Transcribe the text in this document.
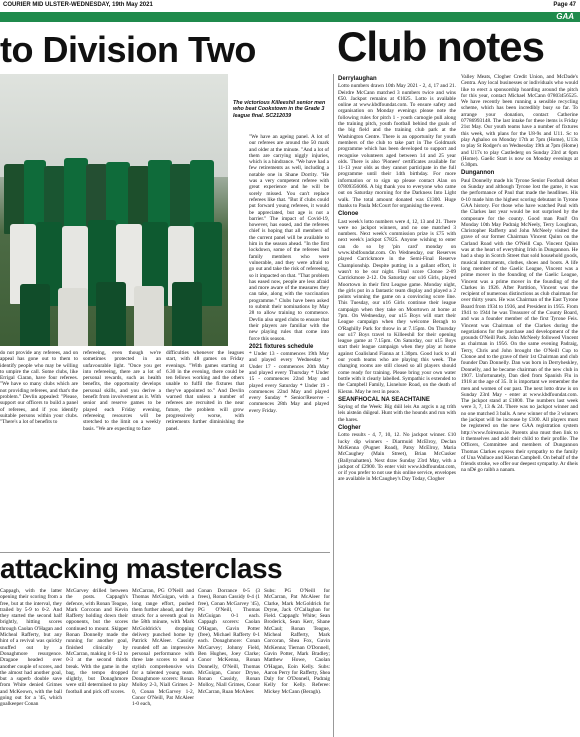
COURIER MID ULSTER-WEDNESDAY, 19th May 2021	Page 47
GAA
to Division Two	Club notes
The victorious Killeeshil senior men who beat Cookstown in the Grade 3 league final. SC212039

do not provide any referees, and on appeal has gone out to them to identify people who may be willing to umpire the call. Some clubs, like Errigal Ciaran, have four referees. "We have so many clubs which are not providing referees, and that's the problem." Devlin appealed: "Please, support our officers to build a panel of referees, and if you identify suitable persons within your clubs. "There's a lot of benefits to

refereeing, even though we're sometimes protected in an unfavourable light. "Once you get into refereeing, there are a lot of personal rewards, such as health benefits, the opportunity develops personal skills, and you derive a benefit from involvement as it. With senior and reserve games to be played each Friday evening, refereeing resources will be stretched to the limit on a weekly basis. "We are expecting to face

difficulties whenever the leagues start, with 48 games on Friday evenings. "With games starting at 6.30 in the evening, there could be ten fellows working and the others unable to fulfil the fixtures that they've appointed to." And Devlin warned that unless a number of referees are recruited in the near future, the problem will grow progressively worse, with retirements further diminishing the panel.

"We have an ageing panel. A lot of our referees are around the 50 mark and older at the minute. "And a lot of them are carrying niggly injuries, which is a hindrance. "We have had a few retirements as well, including a notable one in Shane Dorrity. "He was a very competent referee with great experience and he will be sorely missed. You can't replace referees like that. "But if clubs could put forward young referees, it would be appreciated, but age is not a barrier." The impact of Covid-19, however, has eased, and the referees chief is hoping that all members of the current panel will be available to him in the season ahead. "In the first lockdown, some of the referees had family members who were vulnerable, and they were afraid to go out and take the risk of refereeing, so it impacted on that. "That problem has eased now, people are less afraid and more aware of the measures they can take, along with the vaccination programme." Clubs have been asked to submit their nominations by May 28 to allow training to commence. Devlin also urged clubs to ensure that their players are familiar with the new playing rules that come into force this season.

2021 fixtures schedule

* Under 13 - commences 19th May and played every Wednesday * Under 17 - commences 20th May and played every Thursday * Under 15 - commences 22nd May and played every Saturday * Under 19 - commences 22nd May and played every Sunday * Senior/Reserve - commences 28th May and played every Friday.

attacking masterclass

Cappagh, with the latter opening their scoring from a free, but at the interval, they trailed by 5-9 to 0-2. And they started the second half brightly, hitting scores through Caolan O'Hagan and Micheal Rafferty, but any hint of a revival was quickly snuffed out by a Donaghmore resurgence. Dragaoe headed over another couple of scores, and the almost had another goal, but a superb double save from White denied Grimes and McKeown, with the ball going out for a '45, which goalkeeper Conan

McGarvey drilled between the posts. Cappagh's defence, with Ronan Teague, Mark Corcoran and Kevin Rafferty holding down their opponents, but the scores continued to mount. Skipper Ronan Donnelly made the running for another goal, finished clinically by McCarran, making it 6-12 to 0-3 at the second thirds break. With the game in the bag, the tempo dropped slightly, but Donaghmore were still determined to play football and pick off scores.

McCarran, PG O'Neill and Thomas McGuigan, with a long range effort, pushed them further ahead, and they struck for a seventh goal in the 58th minute, with Mark McGoldrick's dropping delivery punched home by Patrick McAleer. Cassidy rounded off an impressive personal performance with three late scores to seal a stylish comprehensive win for a talented young team. Donaghmore scorers: Ronan Molloy 2-3, Niall Grimes 2-0, Conan McGarvey 1-2, Conor O'Neill, Pat McAleer 1-0 each,

Conan Dorrance 0-5 (3 frees), Ronan Cassidy 0-4 (1 free), Conan McGarvey '45), PG O'Neill, Thomas McGuigan 0-1 each. Cappagh scorers: Caolan O'Hagan, Gavin Potter (free), Michael Rafferty 0-1 each. Donaghmore: Conan McGarvey; Johnny Field, Ben Hughes, Joey Clarke; Conor McKenna, Ronan Donnelly, O'Neill, Thomas McGuigan, Conor Dryne, Ronan Cassidy, Ronan Molloy, Niall Grimes, Conor McCarran, Ruan McAleer.

Subs: PG O'Neill for McCarran, Pat McAleer for Clarke, Mark McGoldrick for Dryne, Jack O'Callaghan for Field. Cappagh: White; Sean Broderick, Sean Kerr, Shane McCaul; Ronan Teague, Micheal Rafferty, Mark Corcoran, Shea Fox, Gavin McKenna; Tiernan O'Donnell, Gavin Potter, Mark Bradley; Matthew Howe, Caolan O'Hagan, Eoin Kelly. Subs: Aaron Perry for Rafferty, Shea Daly for O'Donnell, Padraig Kelly for Kelly. Referee: Mickey McCann (Beragh).

Derrylaughan

Lotto numbers drawn 10th May 2021 - 2, 4, 17 and 21. Deirdre McCann matched 3 numbers twice and wins €50. Jackpot remains at €1025. Lotto is available online at www.kbdfoundat.com. To ensure safety and organisation on Monday evenings please note the following rules for pitch 1 - youth carnogie pull along the training pitch, youth football behind the goals of the big field and the training club park at the Washington Centre. There is an opportunity for youth members of the club to take part in The Goldmark programme which has been developed to support and recognise volunteers aged between 14 and 25 year olds. There is also 'Pioneer' certificates available for 11-13 year olds as they cannot participate in the full programme until their 14th birthday. For more information or to sign up please contact Alan on 07809356066. A big thank you to everyone who came out on Saturday morning for the Darkness Into Light walk. The total amount donated was £1300. Huge thanks to Paula McCourt for organising the event.

Clonoe

Last week's lotto numbers were 4, 12, 13 and 21. There were no jackpot winners, and no one matched 3 numbers. Next week's commission prize is £75 with next week's jackpot £7825. Anyone wishing to enter can do so by 'pin card' monday on www.kbdfoundat.com. On Wednesday, our Reserves played Carrickmore in the Semi-Final Reserve Championship. Despite putting in a gallant effort, it wasn't to be our night. Final score Clonoe 2-09 Carrickmore 2-12. On Saturday our u16 Girls, played Moortown in their first League game. Monday night, the girls put in a fantastic team display and played a 2 points winning the game on a convincing score line. This Tuesday, our u16 Girls continue their league campaign when they take on Moortown at home at 7pm. On Wednesday, our u15 Boys will start their League campaign when they welcome Beragh to O'Raghilly Park for throw in at 7.15pm. On Thursday our u17 Boys travel to Killeeshil for their opening league game at 7.15pm. On Saturday, our u15 Boys start their league campaign when they play at home against Coalisland Fianna at 1.30pm. Good luck to all our youth teams who are playing this week. The changing rooms are still closed so all players should come ready for training. Please bring your own water bottle with it clearly labelled. Sympathic is extended to the Campbell Family, Lisnelure Road, on the death of Kieran. May he rest in peace.

SEANFHOCAL NA SEACHTAINE

Saying of the Week: Bíg dúil leis An argcis n ag tríth leis aisteán dúigeal. Hunt with the hounds and run with the hares.

Clogher

Lotto results - 4, 7, 10, 12. No jackpot winner. £10 lucky dip winners - Diarmuid McElroy, Declan McKenna (Pugnet Road), Patsy McElroy, Maria McCaughey (Main Street), Brian McCusker (Ballynahatten). Next draw Sunday 23rd May, with a jackpot of £2900. To enter visit www.kbdfoundat.com, or if you prefer to not use this online service, envelopes are available in McCaughey's Day Today, Clogher

Valley Meats, Clogher Credit Union, and McDade's Centra. Any local businesses or individuals who would like to erect a sponsorship hoarding around the pitch for this year, contact Michael McCann 07803456525. We have recently been running a sensible recycling scheme, which has been incredibly busy so far. To arrange your donation, contact Catherine 07786993148. The last intake for these items is Friday 21st May. Our youth teams have a number of fixtures this week, with plans for the U8-9s and U11. Sc to play Aghaloo on Monday 17th at 7pm (Home), U13s to play St Rodger's on Wednesday 19th at 7pm (Home) and U17s to play Castlederg on Sunday 23rd at 6pm (Home). Gaelic Start is now on Monday evenings at 6.30pm.

Dungannon

Paul Donnelly made his Tyrone Senior Football debut on Sunday and although Tyrone lost the game, it was the performance of Paul that made the headlines. His 0-10 made him the highest scoring debutant in Tyrone GAA history. For those who have watched Paul with the Clarkes last year would be not surprised by the composure for the county. Good man Paul! On Monday 10th May Padraig McNeely, Terry Loughran, Christopher Rafferty and John McNeely visited the grave of our former Chairman Vincent Quinn on the Carland Road with the O'Neill Cup. Vincent Quinn was at the heart of everything Irish in Dungannon. He had a shop in Scotch Street that sold household goods, musical instruments, clothes, shoes and boots. A life long member of the Gaelic League, Vincent was a prime mover in the founding of the Gaelic League, Vincent was a prime mover in the founding of the Clarkes in 1926. After Partition, Vincent was the recipient of numerous distinctions as club chairman for over thirty years. He was Chairman of the East Tyrone Board from 1934 to 1936, and President in 1955. From 1941 to 1944 he was Treasurer of the County Board, and was a founder member of the first Tyrone Feis. Vincent was Chairman of the Clarkes during the negotiations for the purchase and development of the grounds O'Neill Park. John McNeely followed Vincent as chairman in 1956. On the same evening Padraig, Terry, Chris and John brought the O'Neill Cup to Clonoe and to the grave of their 1st Chairman and club founder Dan Donnelly. Dan was born in Derryheskley, Donnelly, and he became chairman of the new club in 1907. Unfortunately, Dan died from Spanish Flu in 1918 at the age of 35. It is important we remember the men and women of our past. The next lotto draw is on Sunday 23rd May - enter at www.kbdfoundat.com. The jackpot stand at £1800. The numbers last week were 3, 7, 13 & 24. There was no jackpot winner and no one matched 3 balls. A new winner of the 3 winners the jackpot will be increase by £100. All players must be registered on the new GAA registration system http://www.foireann.ie. Parents also must then link to it themselves and add their child to their profile. The Officers, Committee and members of Dungannon Thomas Clarkes express their sympathy to the family of Una Wallace and Kieran Campbell. On behalf of the friends stroke, we offer our deepest sympathy. Ar dheis na nDé go raibh a nanam.
